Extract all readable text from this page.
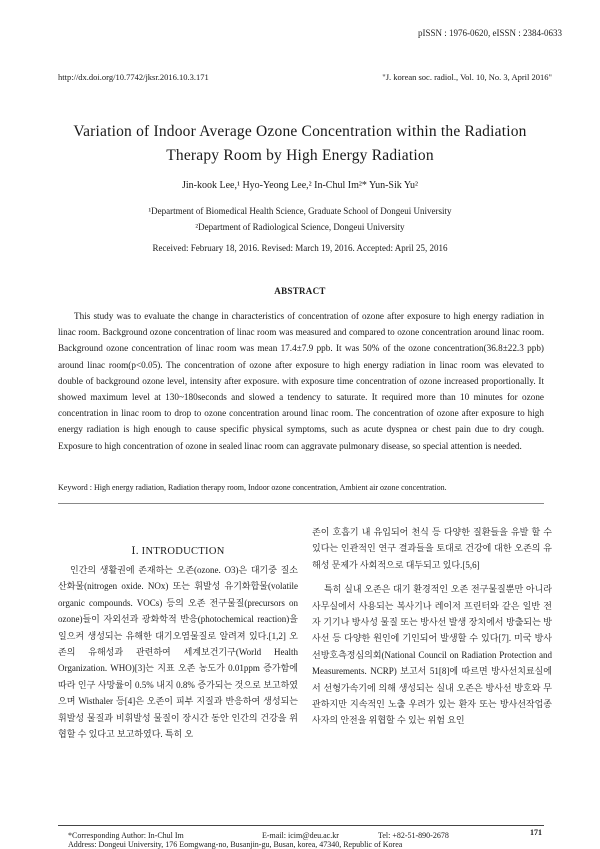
pISSN : 1976-0620, eISSN : 2384-0633
http://dx.doi.org/10.7742/jksr.2016.10.3.171	"J. korean soc. radiol., Vol. 10, No. 3, April 2016"
Variation of Indoor Average Ozone Concentration within the Radiation
Therapy Room by High Energy Radiation
Jin-kook Lee,¹ Hyo-Yeong Lee,² In-Chul Im²* Yun-Sik Yu²
¹Department of Biomedical Health Science, Graduate School of Dongeui University
²Department of Radiological Science, Dongeui University
Received: February 18, 2016. Revised: March 19, 2016. Accepted: April 25, 2016
ABSTRACT
This study was to evaluate the change in characteristics of concentration of ozone after exposure to high energy radiation in linac room. Background ozone concentration of linac room was measured and compared to ozone concentration around linac room. Background ozone concentration of linac room was mean 17.4±7.9 ppb. It was 50% of the ozone concentration(36.8±22.3 ppb) around linac room(p<0.05). The concentration of ozone after exposure to high energy radiation in linac room was elevated to double of background ozone level, intensity after exposure. with exposure time concentration of ozone increased proportionally. It showed maximum level at 130~180seconds and slowed a tendency to saturate. It required more than 10 minutes for ozone concentration in linac room to drop to ozone concentration around linac room. The concentration of ozone after exposure to high energy radiation is high enough to cause specific physical symptoms, such as acute dyspnea or chest pain due to dry cough. Exposure to high concentration of ozone in sealed linac room can aggravate pulmonary disease, so special attention is needed.
Keyword : High energy radiation, Radiation therapy room, Indoor ozone concentration, Ambient air ozone concentration.
Ⅰ. INTRODUCTION
인간의 생활권에 존재하는 오존(ozone. O3)은 대기중 질소산화물(nitrogen oxide. NOx) 또는 휘발성 유기화합물(volatile organic compounds. VOCs) 등의 오존 전구물질(precursors on ozone)들이 자외선과 광화학적 반응(photochemical reaction)을 일으켜 생성되는 유해한 대기오염물질로 알려져 있다.[1,2] 오존의 유해성과 관련하여 세계보건기구(World Health Organization. WHO)[3]는 지표 오존 농도가 0.01ppm 증가함에 따라 인구 사망률이 0.5% 내지 0.8% 증가되는 것으로 보고하였으며 Wisthaler 등[4]은 오존이 피부 지질과 반응하여 생성되는 휘발성 물질과 비휘발성 물질이 장시간 동안 인간의 건강을 위협할 수 있다고 보고하였다. 특히 오

존이 호흡기 내 유입되어 천식 등 다양한 질환들을 유발 할 수 있다는 인관적인 연구 결과들을 토대로 건강에 대한 오존의 유해성 문제가 사회적으로 대두되고 있다.[5,6]

특히 실내 오존은 대기 환경적인 오존 전구물질뿐만 아니라 사무실에서 사용되는 복사기나 레이저 프린터와 같은 일반 전자 기기나 방사성 물질 또는 방사선 발생 장치에서 방출되는 방사선 등 다양한 원인에 기인되어 발생할 수 있다[7]. 미국 방사선방호측정심의회(National Council on Radiation Protection and Measurements. NCRP) 보고서 51[8]에 따르면 방사선치료실에서 선형가속기에 의해 생성되는 실내 오존은 방사선 방호와 무관하지만 지속적인 노출 우려가 있는 환자 또는 방사선작업종사자의 안전을 위협할 수 있는 위험 요인

*Corresponding Author: In-Chul Im	E-mail: icim@deu.ac.kr	Tel: +82-51-890-2678
Address: Dongeui University, 176 Eomgwang-no, Busanjin-gu, Busan, korea, 47340, Republic of Korea
171
